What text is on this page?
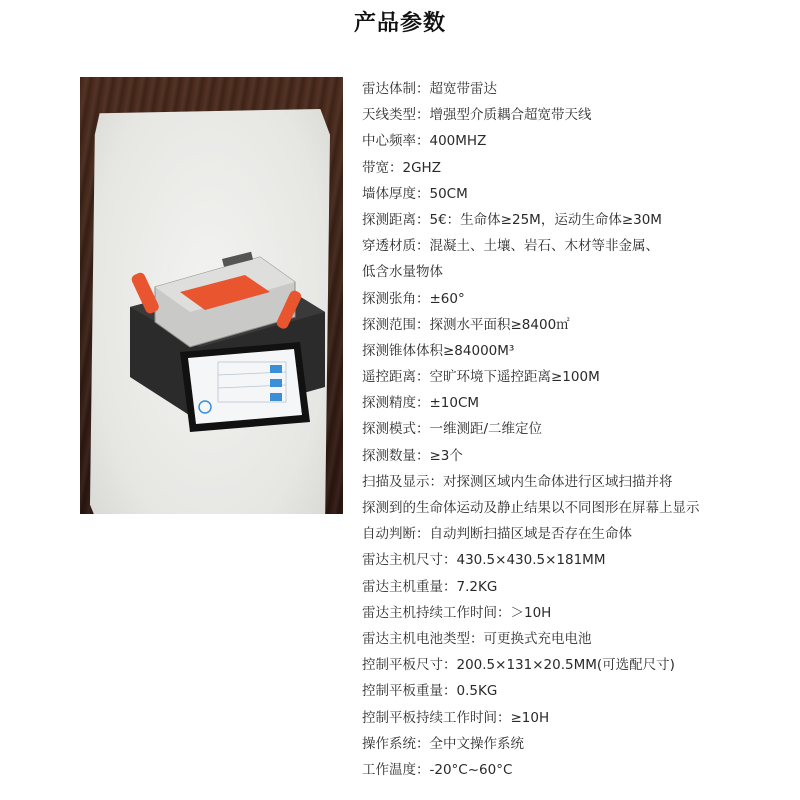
产品参数
雷达体制：超宽带雷达
天线类型：增强型介质耦合超宽带天线
中心频率：400MHZ
带宽：2GHZ
墙体厚度：50CM
探测距离：5€：生命体≥25M，运动生命体≥30M
穿透材质：混凝土、土壤、岩石、木材等非金属、
低含水量物体
探测张角：±60°
探测范围：探测水平面积≥8400㎡
探测锥体体积≥84000M³
遥控距离：空旷环境下遥控距离≥100M
探测精度：±10CM
探测模式：一维测距/二维定位
探测数量：≥3个
扫描及显示：对探测区域内生命体进行区域扫描并将
探测到的生命体运动及静止结果以不同图形在屏幕上显示
自动判断：自动判断扫描区域是否存在生命体
雷达主机尺寸：430.5×430.5×181MM
雷达主机重量：7.2KG
雷达主机持续工作时间：＞10H
雷达主机电池类型：可更换式充电电池
控制平板尺寸：200.5×131×20.5MM(可选配尺寸)
控制平板重量：0.5KG
控制平板持续工作时间：≥10H
操作系统：全中文操作系统
工作温度：-20°C~60°C
